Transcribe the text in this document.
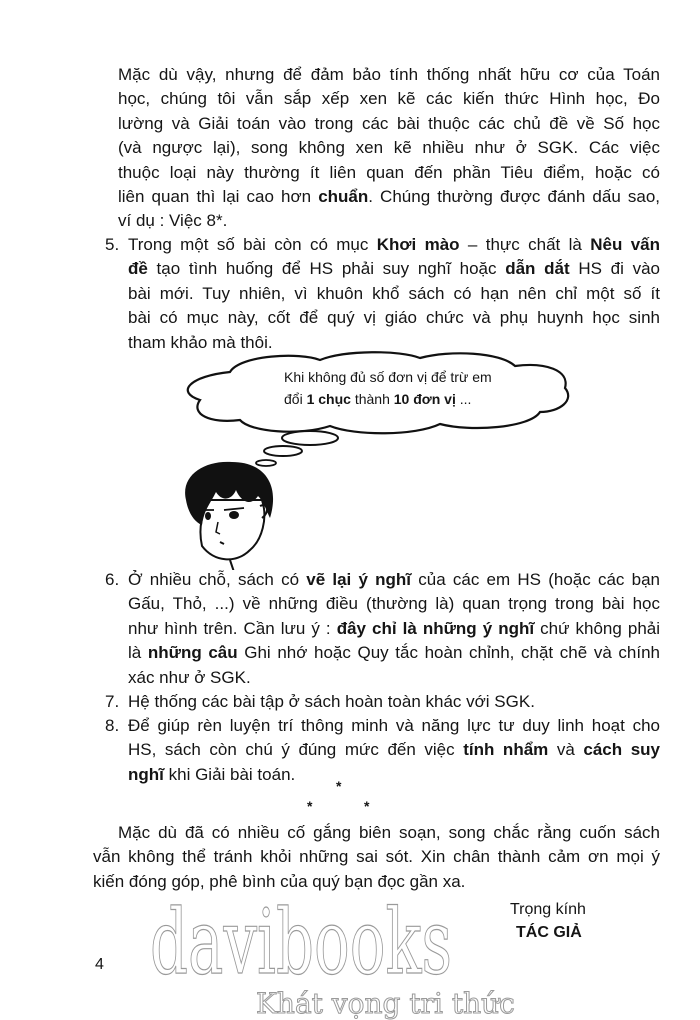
Mặc dù vậy, nhưng để đảm bảo tính thống nhất hữu cơ của Toán
học, chúng tôi vẫn sắp xếp xen kẽ các kiến thức Hình học, Đo
lường và Giải toán vào trong các bài thuộc các chủ đề về Số học
(và ngược lại), song không xen kẽ nhiều như ở SGK. Các việc
thuộc loại này thường ít liên quan đến phần Tiêu điểm, hoặc có
liên quan thì lại cao hơn chuẩn. Chúng thường được đánh dấu sao,
ví dụ : Việc 8*.
5. Trong một số bài còn có mục Khơi mào – thực chất là Nêu vấn
đề tạo tình huống để HS phải suy nghĩ hoặc dẫn dắt HS đi vào
bài mới. Tuy nhiên, vì khuôn khổ sách có hạn nên chỉ một số ít
bài có mục này, cốt để quý vị giáo chức và phụ huynh học sinh
tham khảo mà thôi.
6. Ở nhiều chỗ, sách có vẽ lại ý nghĩ của các em HS (hoặc các bạn
Gấu, Thỏ, ...) về những điều (thường là) quan trọng trong bài học
như hình trên. Cần lưu ý : đây chỉ là những ý nghĩ chứ không phải
là những câu Ghi nhớ hoặc Quy tắc hoàn chỉnh, chặt chẽ và chính
xác như ở SGK.
7. Hệ thống các bài tập ở sách hoàn toàn khác với SGK.
8. Để giúp rèn luyện trí thông minh và năng lực tư duy linh hoạt cho
HS, sách còn chú ý đúng mức đến việc tính nhẩm và cách suy
nghĩ khi Giải bài toán.
Mặc dù đã có nhiều cố gắng biên soạn, song chắc rằng cuốn sách
vẫn không thể tránh khỏi những sai sót. Xin chân thành cảm ơn mọi ý
kiến đóng góp, phê bình của quý bạn đọc gần xa.
Khi không đủ số đơn vị để trừ em
đổi 1 chục thành 10 đơn vị ...
*
*	*
davibooks
Khát vọng tri thức
Trọng kính
TÁC GIẢ
4
